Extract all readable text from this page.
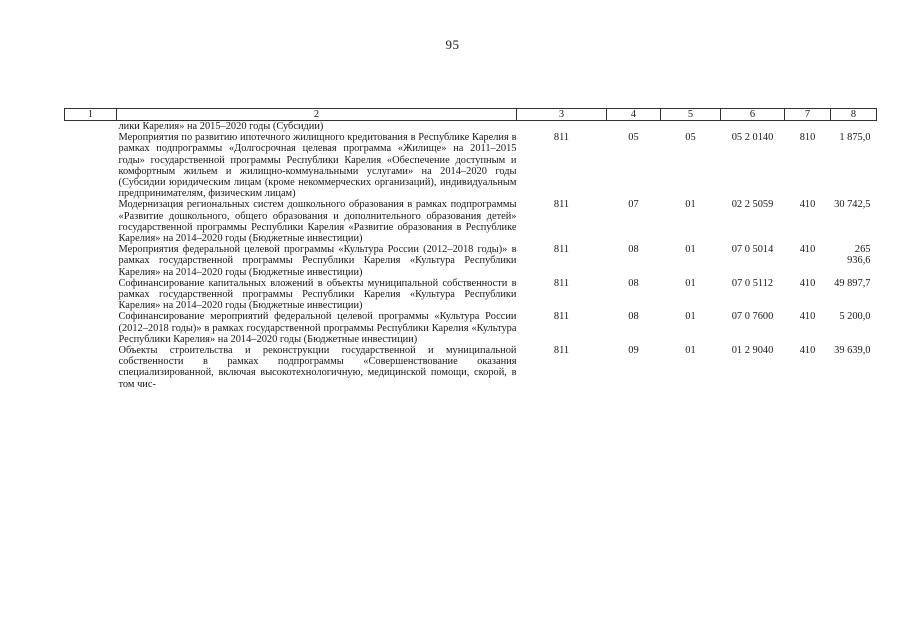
95
1	2	3	4	5	6	7	8
лики Карелия» на 2015–2020 годы (Субсидии)							
Мероприятия по развитию ипотечного жилищного кредитования в Республике Карелия в рамках подпрограммы «Долгосрочная целевая программа «Жилище» на 2011–2015 годы» государственной программы Республики Карелия «Обеспечение доступным и комфортным жильем и жилищно-коммунальными услугами» на 2014–2020 годы (Субсидии юридическим лицам (кроме некоммерческих организаций), индивидуальным предпринимателям, физическим лицам)		811	05	05	05 2 0140	810	1 875,0
Модернизация региональных систем дошкольного образования в рамках подпрограммы «Развитие дошкольного, общего образования и дополнительного образования детей» государственной программы Республики Карелия «Развитие образования в Республике Карелия» на 2014–2020 годы (Бюджетные инвестиции)		811	07	01	02 2 5059	410	30 742,5
Мероприятия федеральной целевой программы «Культура России (2012–2018 годы)» в рамках государственной программы Республики Карелия «Культура Республики Карелия» на 2014–2020 годы (Бюджетные инвестиции)		811	08	01	07 0 5014	410	265 936,6
Софинансирование капитальных вложений в объекты муниципальной собственности в рамках государственной программы Республики Карелия «Культура Республики Карелия» на 2014–2020 годы (Бюджетные инвестиции)		811	08	01	07 0 5112	410	49 897,7
Софинансирование мероприятий федеральной целевой программы «Культура России (2012–2018 годы)» в рамках государственной программы Республики Карелия «Культура Республики Карелия» на 2014–2020 годы (Бюджетные инвестиции)		811	08	01	07 0 7600	410	5 200,0
Объекты строительства и реконструкции государственной и муниципальной собственности в рамках подпрограммы «Совершенствование оказания специализированной, включая высокотехнологичную, медицинской помощи, скорой, в том чис-		811	09	01	01 2 9040	410	39 639,0
